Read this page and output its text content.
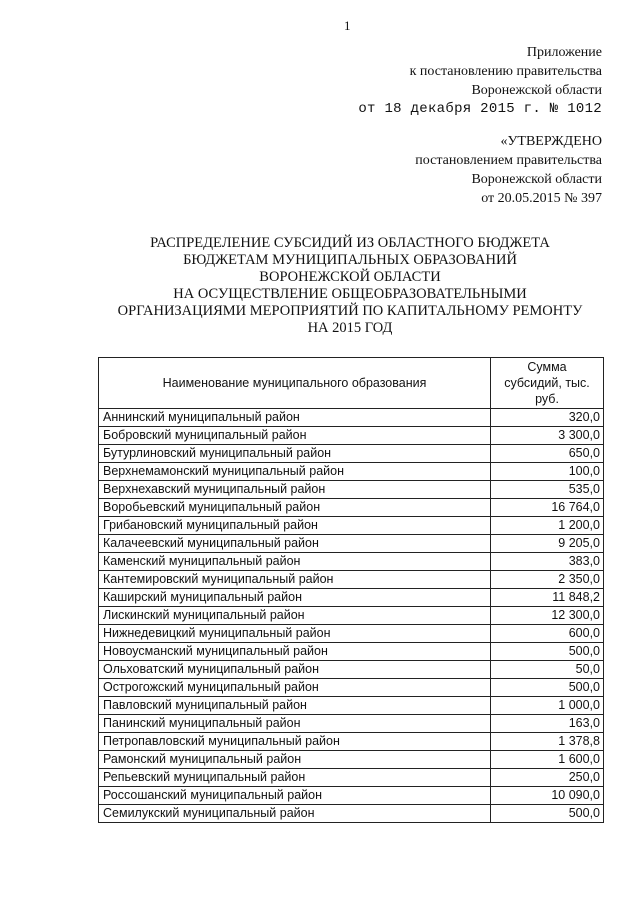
1
Приложение
к постановлению правительства
Воронежской области
от 18 декабря 2015 г. № 1012
«УТВЕРЖДЕНО
постановлением правительства
Воронежской области
от 20.05.2015 № 397
РАСПРЕДЕЛЕНИЕ СУБСИДИЙ ИЗ ОБЛАСТНОГО БЮДЖЕТА
БЮДЖЕТАМ МУНИЦИПАЛЬНЫХ ОБРАЗОВАНИЙ
ВОРОНЕЖСКОЙ ОБЛАСТИ
НА ОСУЩЕСТВЛЕНИЕ ОБЩЕОБРАЗОВАТЕЛЬНЫМИ
ОРГАНИЗАЦИЯМИ МЕРОПРИЯТИЙ ПО КАПИТАЛЬНОМУ РЕМОНТУ
НА 2015 ГОД
Наименование муниципального образования	Сумма
субсидий, тыс.
руб.

Аннинский муниципальный район	320,0
Бобровский муниципальный район	3 300,0
Бутурлиновский муниципальный район	650,0
Верхнемамонский муниципальный район	100,0
Верхнехавский муниципальный район	535,0
Воробьевский муниципальный район	16 764,0
Грибановский муниципальный район	1 200,0
Калачеевский муниципальный район	9 205,0
Каменский муниципальный район	383,0
Кантемировский муниципальный район	2 350,0
Каширский муниципальный район	11 848,2
Лискинский муниципальный район	12 300,0
Нижнедевицкий муниципальный район	600,0
Новоусманский муниципальный район	500,0
Ольховатский муниципальный район	50,0
Острогожский муниципальный район	500,0
Павловский муниципальный район	1 000,0
Панинский муниципальный район	163,0
Петропавловский муниципальный район	1 378,8
Рамонский муниципальный район	1 600,0
Репьевский муниципальный район	250,0
Россошанский муниципальный район	10 090,0
Семилукский муниципальный район	500,0
